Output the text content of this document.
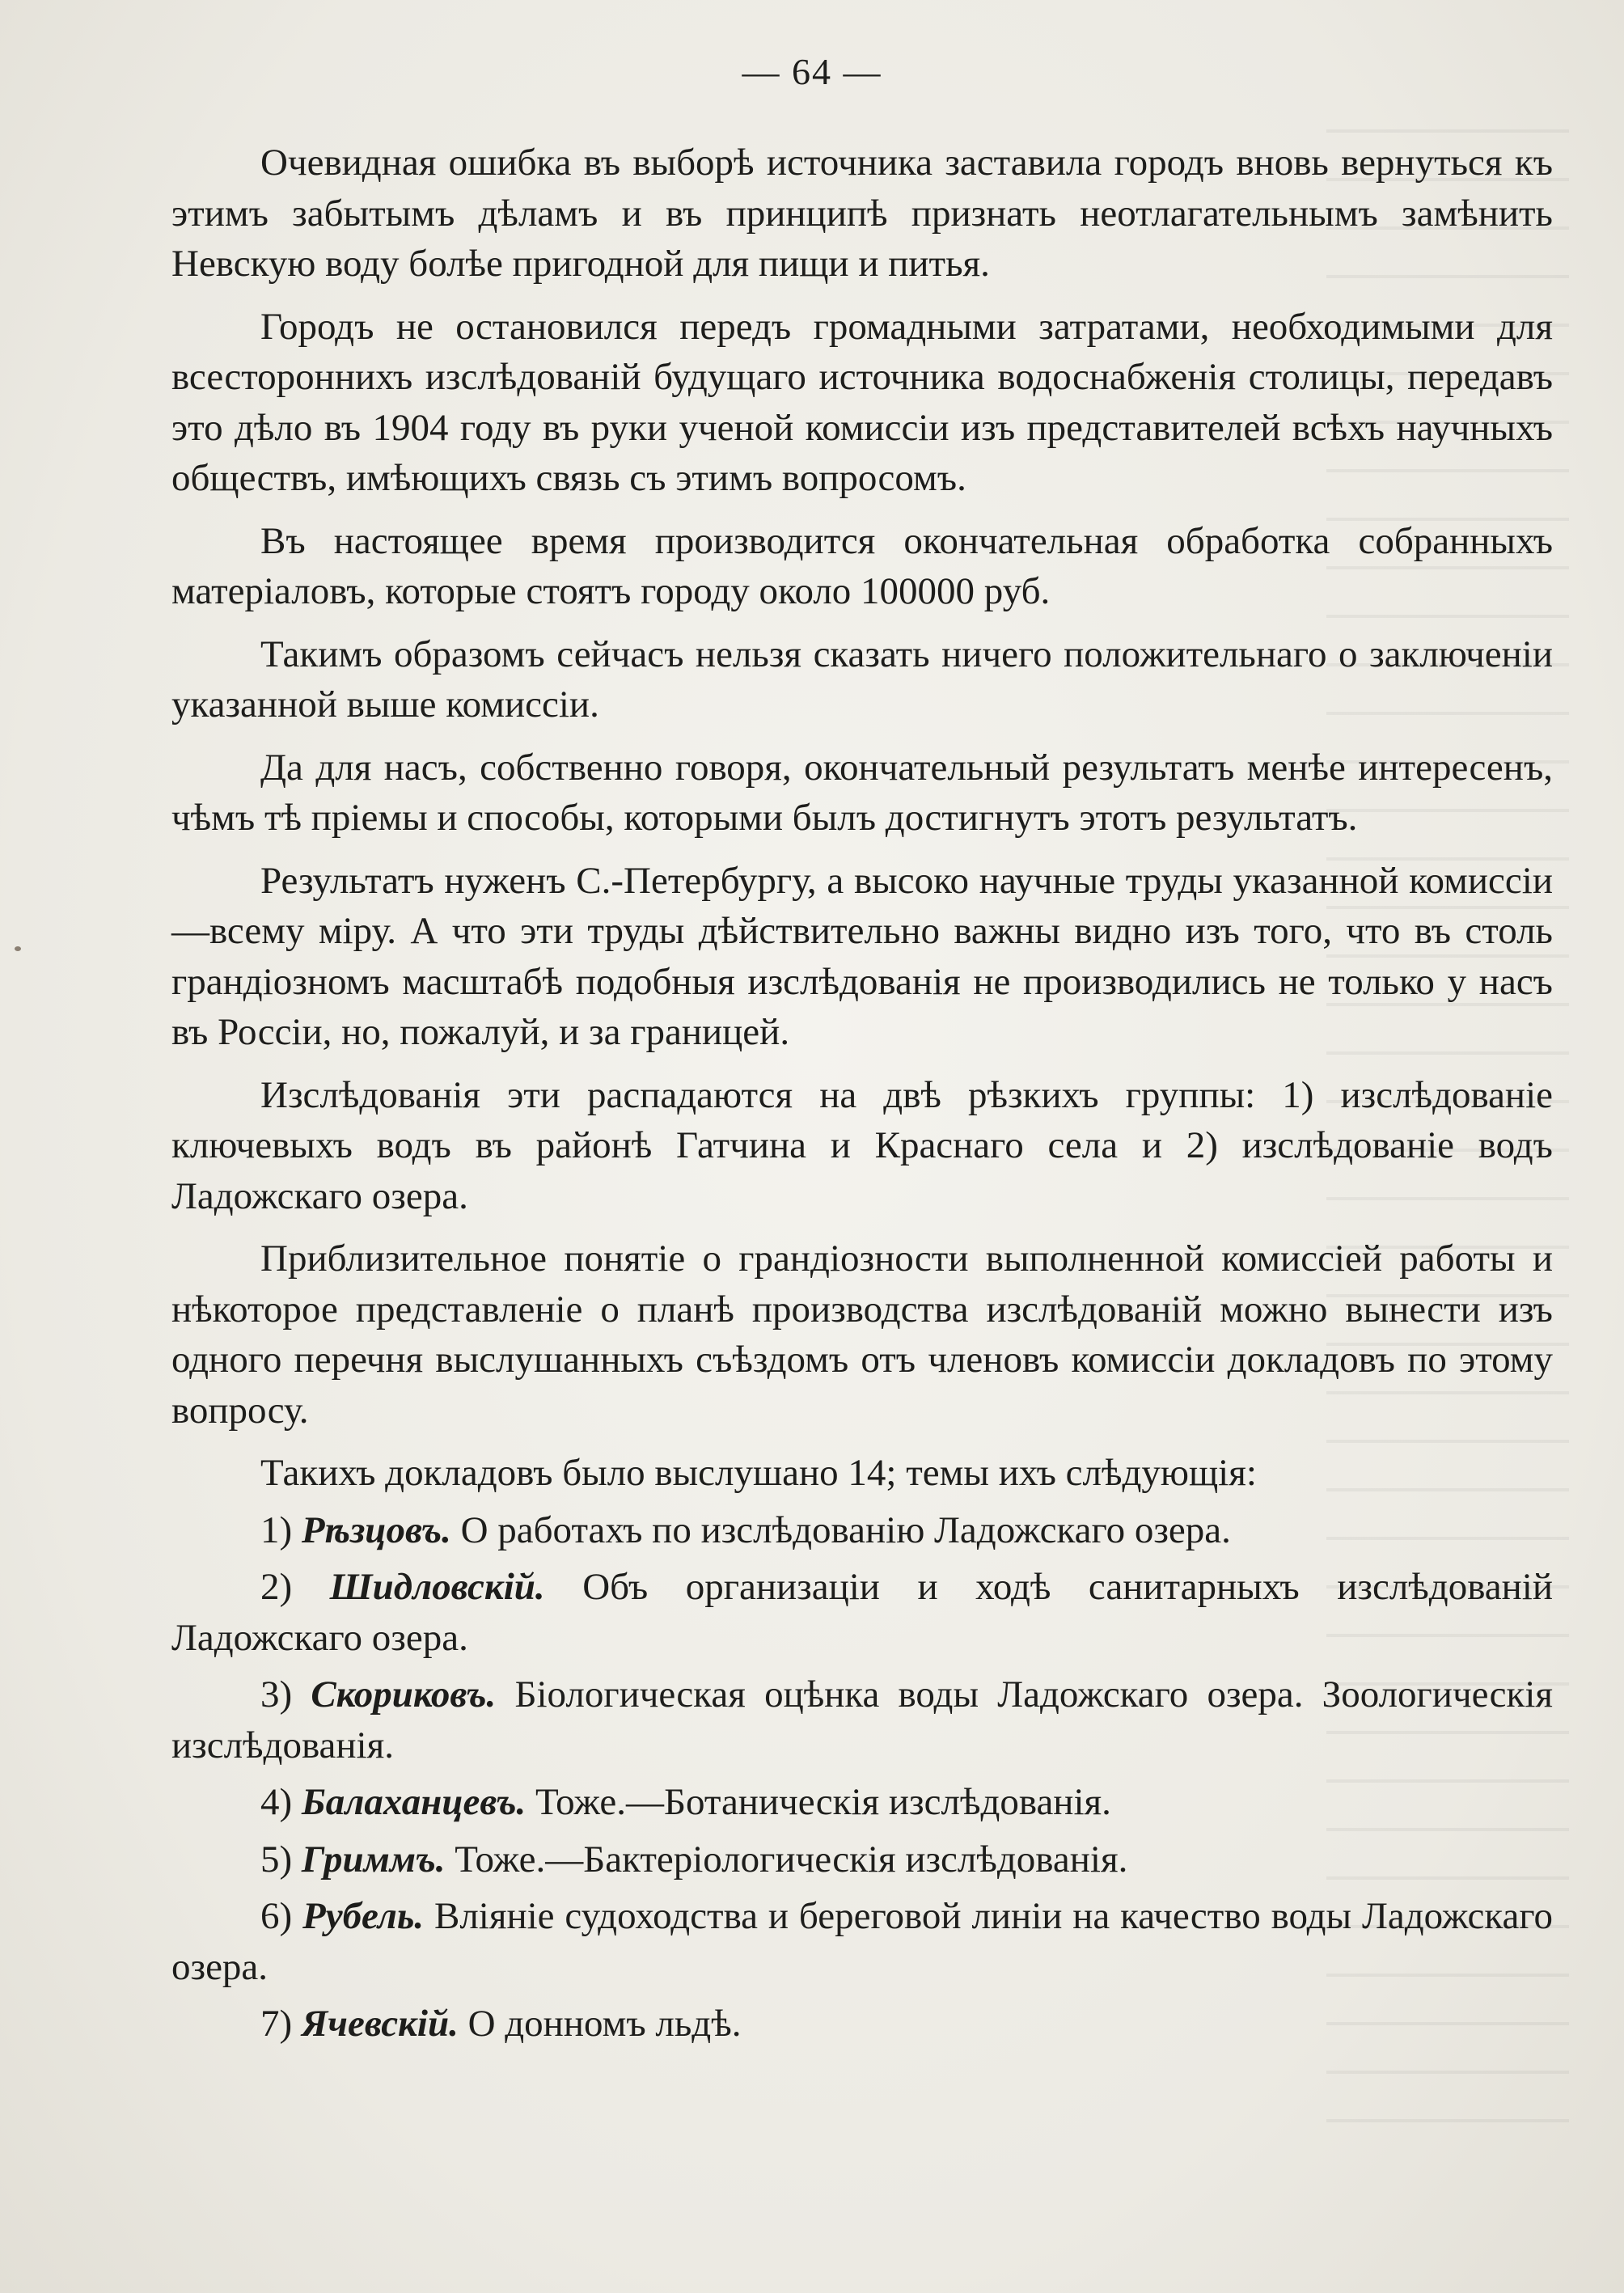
— 64 —

Очевидная ошибка въ выборѣ источника заставила городъ вновь вернуться къ этимъ забытымъ дѣламъ и въ принципѣ признать неотлагательнымъ замѣнить Невскую воду болѣе пригодной для пищи и питья.

Городъ не остановился передъ громадными затратами, необходимыми для всестороннихъ изслѣдованій будущаго источника водоснабженія столицы, передавъ это дѣло въ 1904 году въ руки ученой комиссіи изъ представителей всѣхъ научныхъ обществъ, имѣющихъ связь съ этимъ вопросомъ.

Въ настоящее время производится окончательная обработка собранныхъ матеріаловъ, которые стоятъ городу около 100000 руб.

Такимъ образомъ сейчасъ нельзя сказать ничего положительнаго о заключеніи указанной выше комиссіи.

Да для насъ, собственно говоря, окончательный результатъ менѣе интересенъ, чѣмъ тѣ пріемы и способы, которыми былъ достигнутъ этотъ результатъ.

Результатъ нуженъ С.-Петербургу, а высоко научные труды указанной комиссіи—всему міру. А что эти труды дѣйствительно важны видно изъ того, что въ столь грандіозномъ масштабѣ подобныя изслѣдованія не производились не только у насъ въ Россіи, но, пожалуй, и за границей.

Изслѣдованія эти распадаются на двѣ рѣзкихъ группы: 1) изслѣдованіе ключевыхъ водъ въ районѣ Гатчина и Краснаго села и 2) изслѣдованіе водъ Ладожскаго озера.

Приблизительное понятіе о грандіозности выполненной комиссіей работы и нѣкоторое представленіе о планѣ производства изслѣдованій можно вынести изъ одного перечня выслушанныхъ съѣздомъ отъ членовъ комиссіи докладовъ по этому вопросу.

Такихъ докладовъ было выслушано 14; темы ихъ слѣдующія:

1) Рѣзцовъ. О работахъ по изслѣдованію Ладожскаго озера.

2) Шидловскій. Объ организаціи и ходѣ санитарныхъ изслѣдованій Ладожскаго озера.

3) Скориковъ. Біологическая оцѣнка воды Ладожскаго озера. Зоологическія изслѣдованія.

4) Балаханцевъ. Тоже.—Ботаническія изслѣдованія.

5) Гриммъ. Тоже.—Бактеріологическія изслѣдованія.

6) Рубель. Вліяніе судоходства и береговой линіи на качество воды Ладожскаго озера.

7) Ячевскій. О донномъ льдѣ.
